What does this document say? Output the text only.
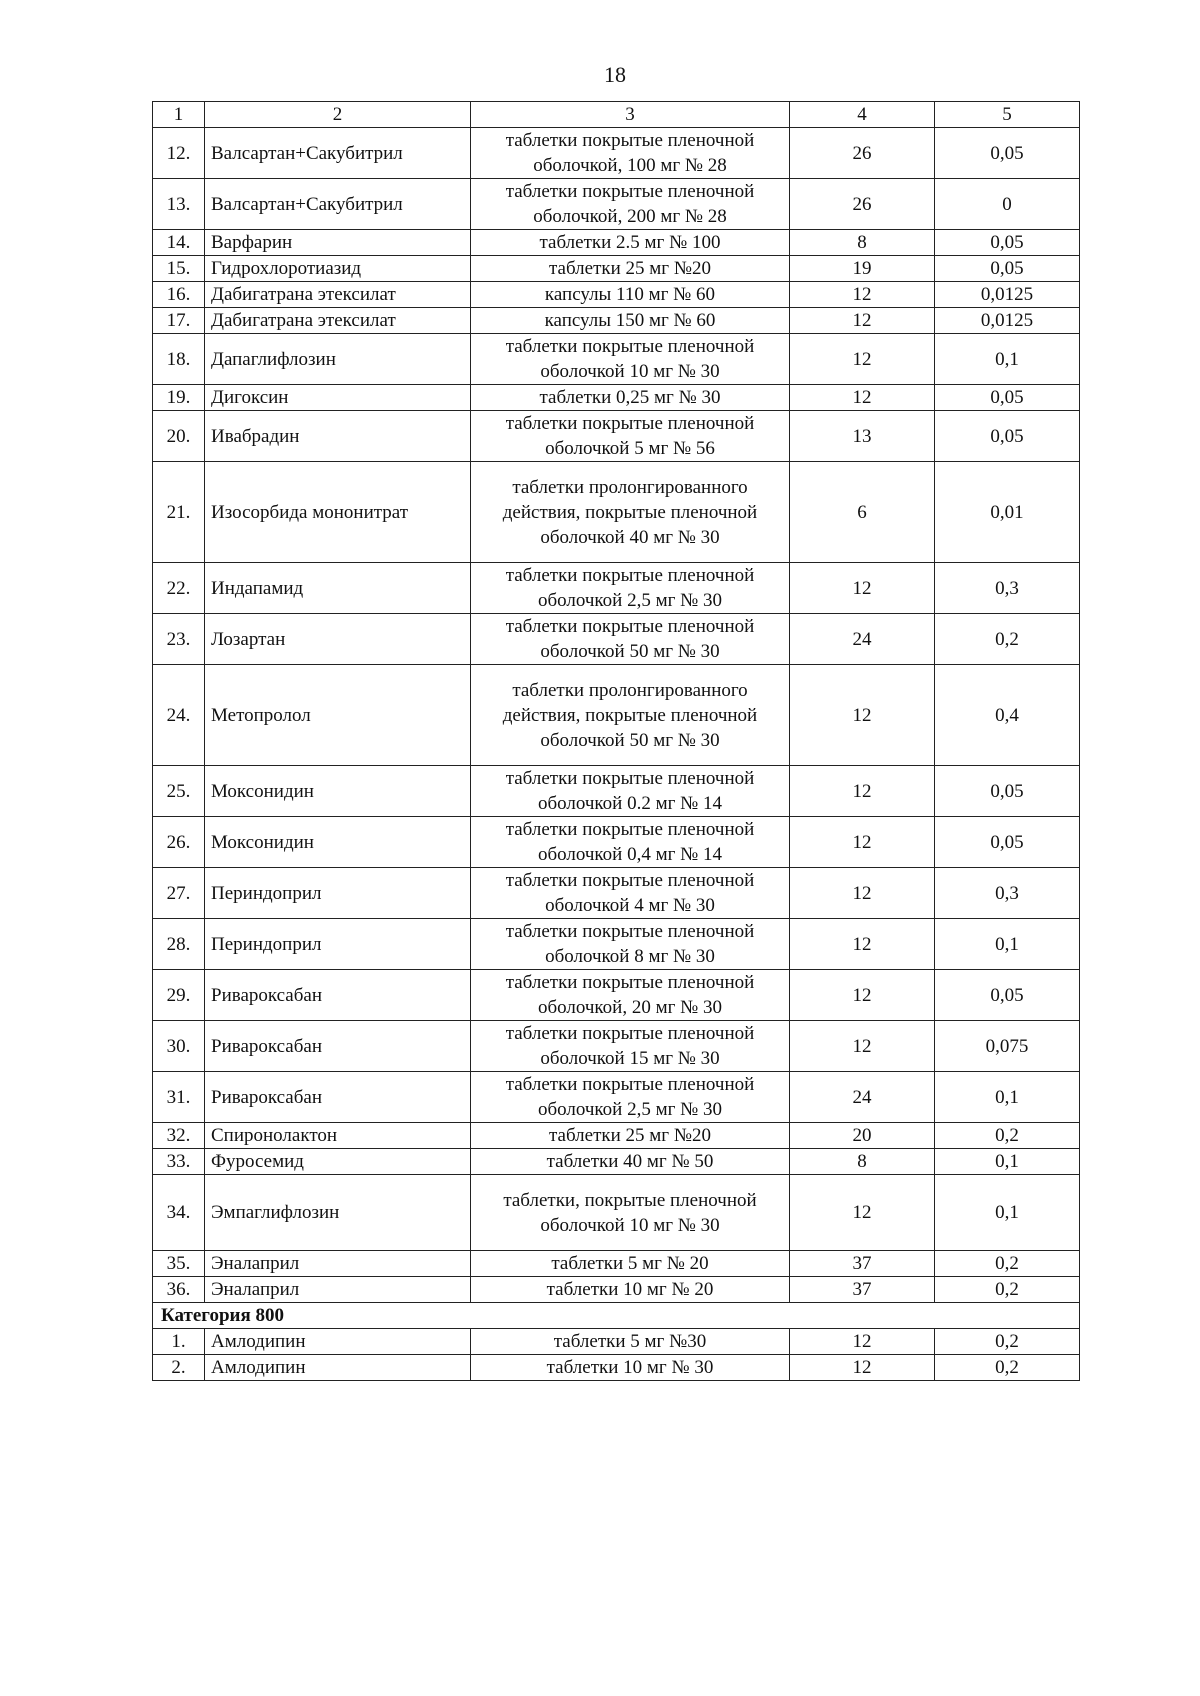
18
1	2	3	4	5
12.	Валсартан+Сакубитрил	таблетки покрытые пленочной оболочкой, 100 мг № 28	26	0,05
13.	Валсартан+Сакубитрил	таблетки покрытые пленочной оболочкой, 200 мг № 28	26	0
14.	Варфарин	таблетки 2.5 мг № 100	8	0,05
15.	Гидрохлоротиазид	таблетки 25 мг №20	19	0,05
16.	Дабигатрана этексилат	капсулы 110 мг № 60	12	0,0125
17.	Дабигатрана этексилат	капсулы 150 мг № 60	12	0,0125
18.	Дапаглифлозин	таблетки покрытые пленочной оболочкой 10 мг № 30	12	0,1
19.	Дигоксин	таблетки 0,25 мг № 30	12	0,05
20.	Ивабрадин	таблетки покрытые пленочной оболочкой 5 мг № 56	13	0,05
21.	Изосорбида мононитрат	таблетки пролонгированного действия, покрытые пленочной оболочкой 40 мг № 30	6	0,01
22.	Индапамид	таблетки покрытые пленочной оболочкой 2,5 мг № 30	12	0,3
23.	Лозартан	таблетки покрытые пленочной оболочкой 50 мг № 30	24	0,2
24.	Метопролол	таблетки пролонгированного действия, покрытые пленочной оболочкой 50 мг № 30	12	0,4
25.	Моксонидин	таблетки покрытые пленочной оболочкой 0.2 мг № 14	12	0,05
26.	Моксонидин	таблетки покрытые пленочной оболочкой 0,4 мг № 14	12	0,05
27.	Периндоприл	таблетки покрытые пленочной оболочкой 4 мг № 30	12	0,3
28.	Периндоприл	таблетки покрытые пленочной оболочкой 8 мг № 30	12	0,1
29.	Ривароксабан	таблетки покрытые пленочной оболочкой, 20 мг № 30	12	0,05
30.	Ривароксабан	таблетки покрытые пленочной оболочкой 15 мг № 30	12	0,075
31.	Ривароксабан	таблетки покрытые пленочной оболочкой 2,5 мг № 30	24	0,1
32.	Спиронолактон	таблетки 25 мг №20	20	0,2
33.	Фуросемид	таблетки 40 мг № 50	8	0,1
34.	Эмпаглифлозин	таблетки, покрытые пленочной оболочкой 10 мг № 30	12	0,1
35.	Эналаприл	таблетки 5 мг № 20	37	0,2
36.	Эналаприл	таблетки 10 мг № 20	37	0,2
Категория 800				
1.	Амлодипин	таблетки 5 мг №30	12	0,2
2.	Амлодипин	таблетки 10 мг № 30	12	0,2
